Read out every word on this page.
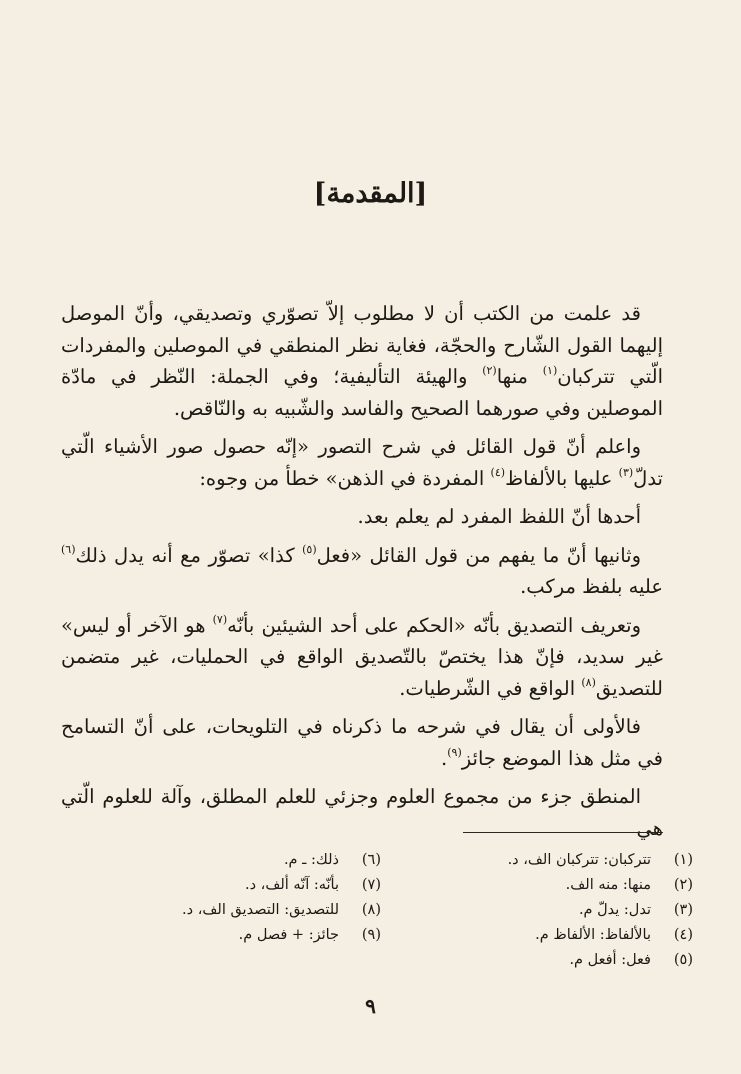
[المقدمة]

قد علمت من الكتب أن لا مطلوب إلاّ تصوّري وتصديقي، وأنّ الموصل إليهما القول الشّارح والحجّة، فغاية نظر المنطقي في الموصلين والمفردات الّتي تتركبان$^{(١)}$ منها$^{(٢)}$ والهيئة التأليفية؛ وفي الجملة: النّظر في مادّة الموصلين وفي صورهما الصحيح والفاسد والشّبيه به والنّاقص.

واعلم أنّ قول القائل في شرح التصور «إنّه حصول صور الأشياء الّتي تدلّ$^{(٣)}$ عليها بالألفاظ$^{(٤)}$ المفردة في الذهن» خطأ من وجوه:

أحدها أنّ اللفظ المفرد لم يعلم بعد.

وثانيها أنّ ما يفهم من قول القائل «فعل$^{(٥)}$ كذا» تصوّر مع أنه يدل ذلك$^{(٦)}$ عليه بلفظ مركب.

وتعريف التصديق بأنّه «الحكم على أحد الشيئين بأنّه$^{(٧)}$ هو الآخر أو ليس» غير سديد، فإنّ هذا يختصّ بالتّصديق الواقع في الحمليات، غير متضمن للتصديق$^{(٨)}$ الواقع في الشّرطيات.

فالأولى أن يقال في شرحه ما ذكرناه في التلويحات، على أنّ التسامح في مثل هذا الموضع جائز$^{(٩)}$.

المنطق جزء من مجموع العلوم وجزئي للعلم المطلق، وآلة للعلوم الّتي هي

(١)
تتركبان: تتركبان الف، د.
(٢)
منها: منه الف.
(٣)
تدل: يدلّ م.
(٤)
بالألفاظ: الألفاظ م.
(٥)
فعل: أفعل م.
(٦)
ذلك: ـ م.
(٧)
بأنّه: آنّه ألف، د.
(٨)
للتصديق: التصديق الف، د.
(٩)
جائز: + فصل م.
٩
